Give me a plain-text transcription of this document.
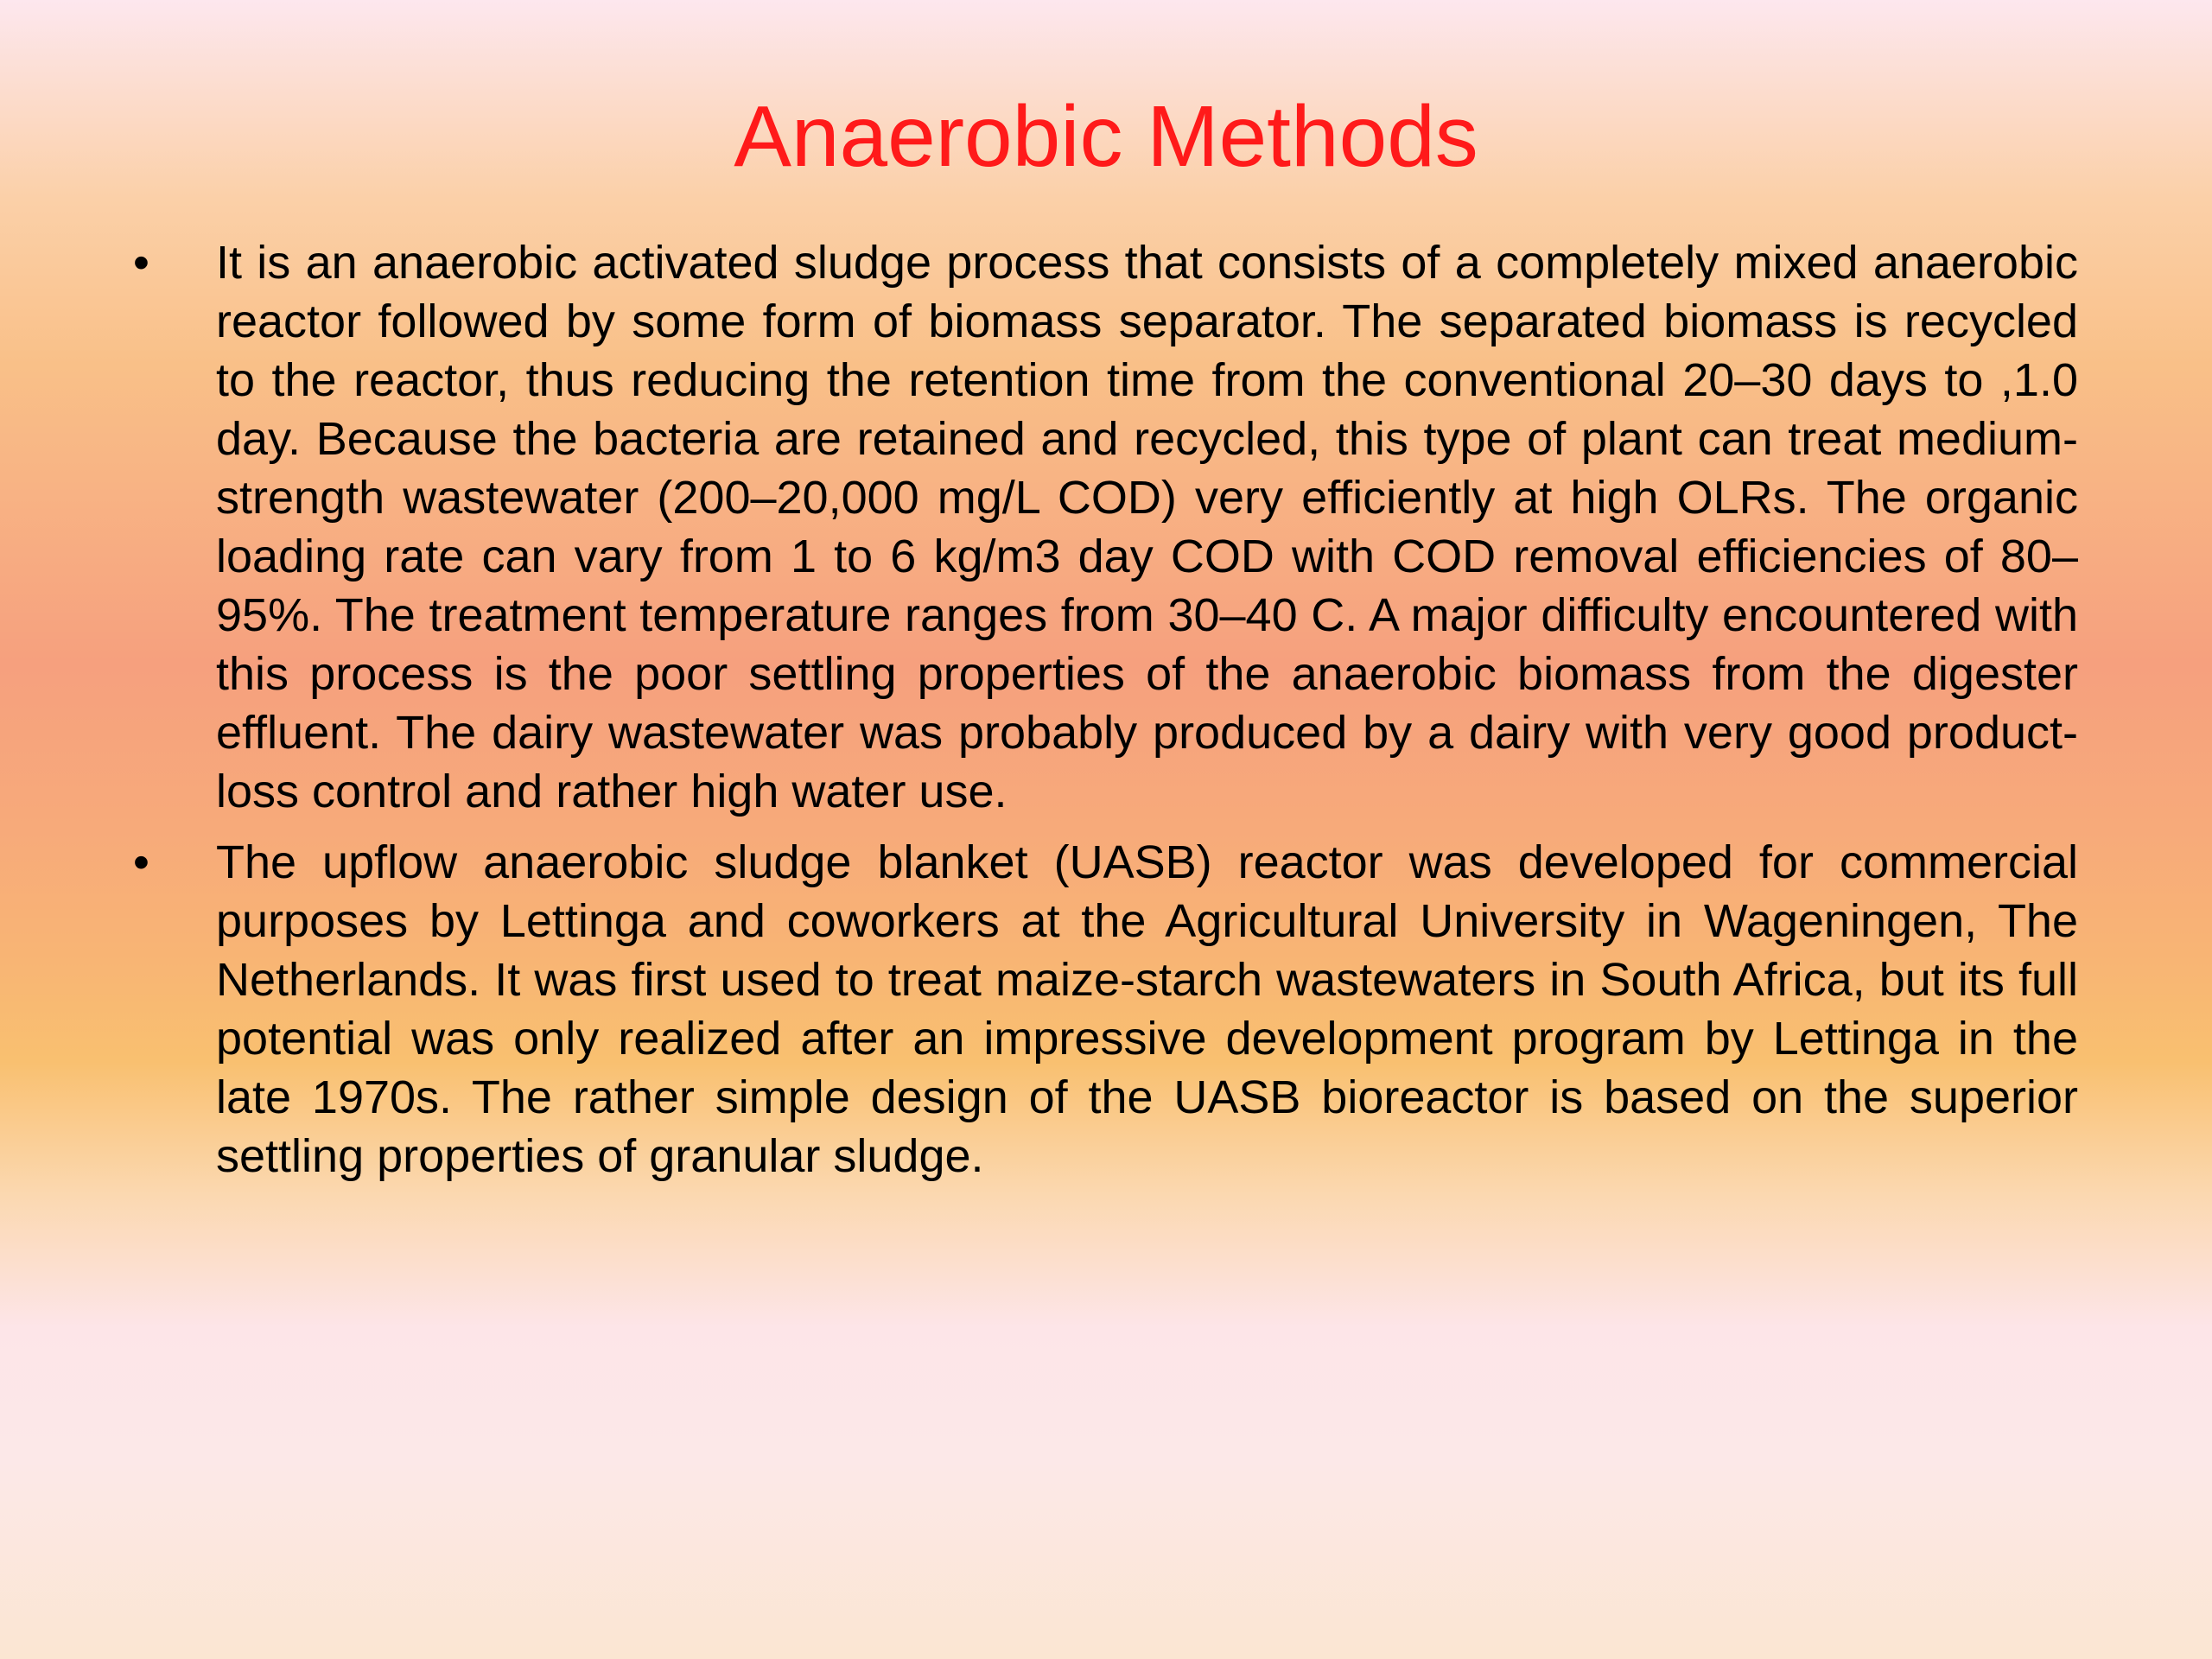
Anaerobic Methods
• It is an anaerobic activated sludge process that consists of a completely mixed anaerobic reactor followed by some form of biomass separator. The separated biomass is recycled to the reactor, thus reducing the retention time from the conventional 20–30 days to ,1.0 day. Because the bacteria are retained and recycled, this type of plant can treat medium-strength wastewater (200–20,000 mg/L COD) very efficiently at high OLRs. The organic loading rate can vary from 1 to 6 kg/m3 day COD with COD removal efficiencies of 80–95%. The treatment temperature ranges from 30–40 C. A major difficulty encountered with this process is the poor settling properties of the anaerobic biomass from the digester effluent. The dairy wastewater was probably produced by a dairy with very good product-loss control and rather high water use.
• The upflow anaerobic sludge blanket (UASB) reactor was developed for commercial purposes by Lettinga and coworkers at the Agricultural University in Wageningen, The Netherlands. It was first used to treat maize-starch wastewaters in South Africa, but its full potential was only realized after an impressive development program by Lettinga in the late 1970s. The rather simple design of the UASB bioreactor is based on the superior settling properties of granular sludge.
